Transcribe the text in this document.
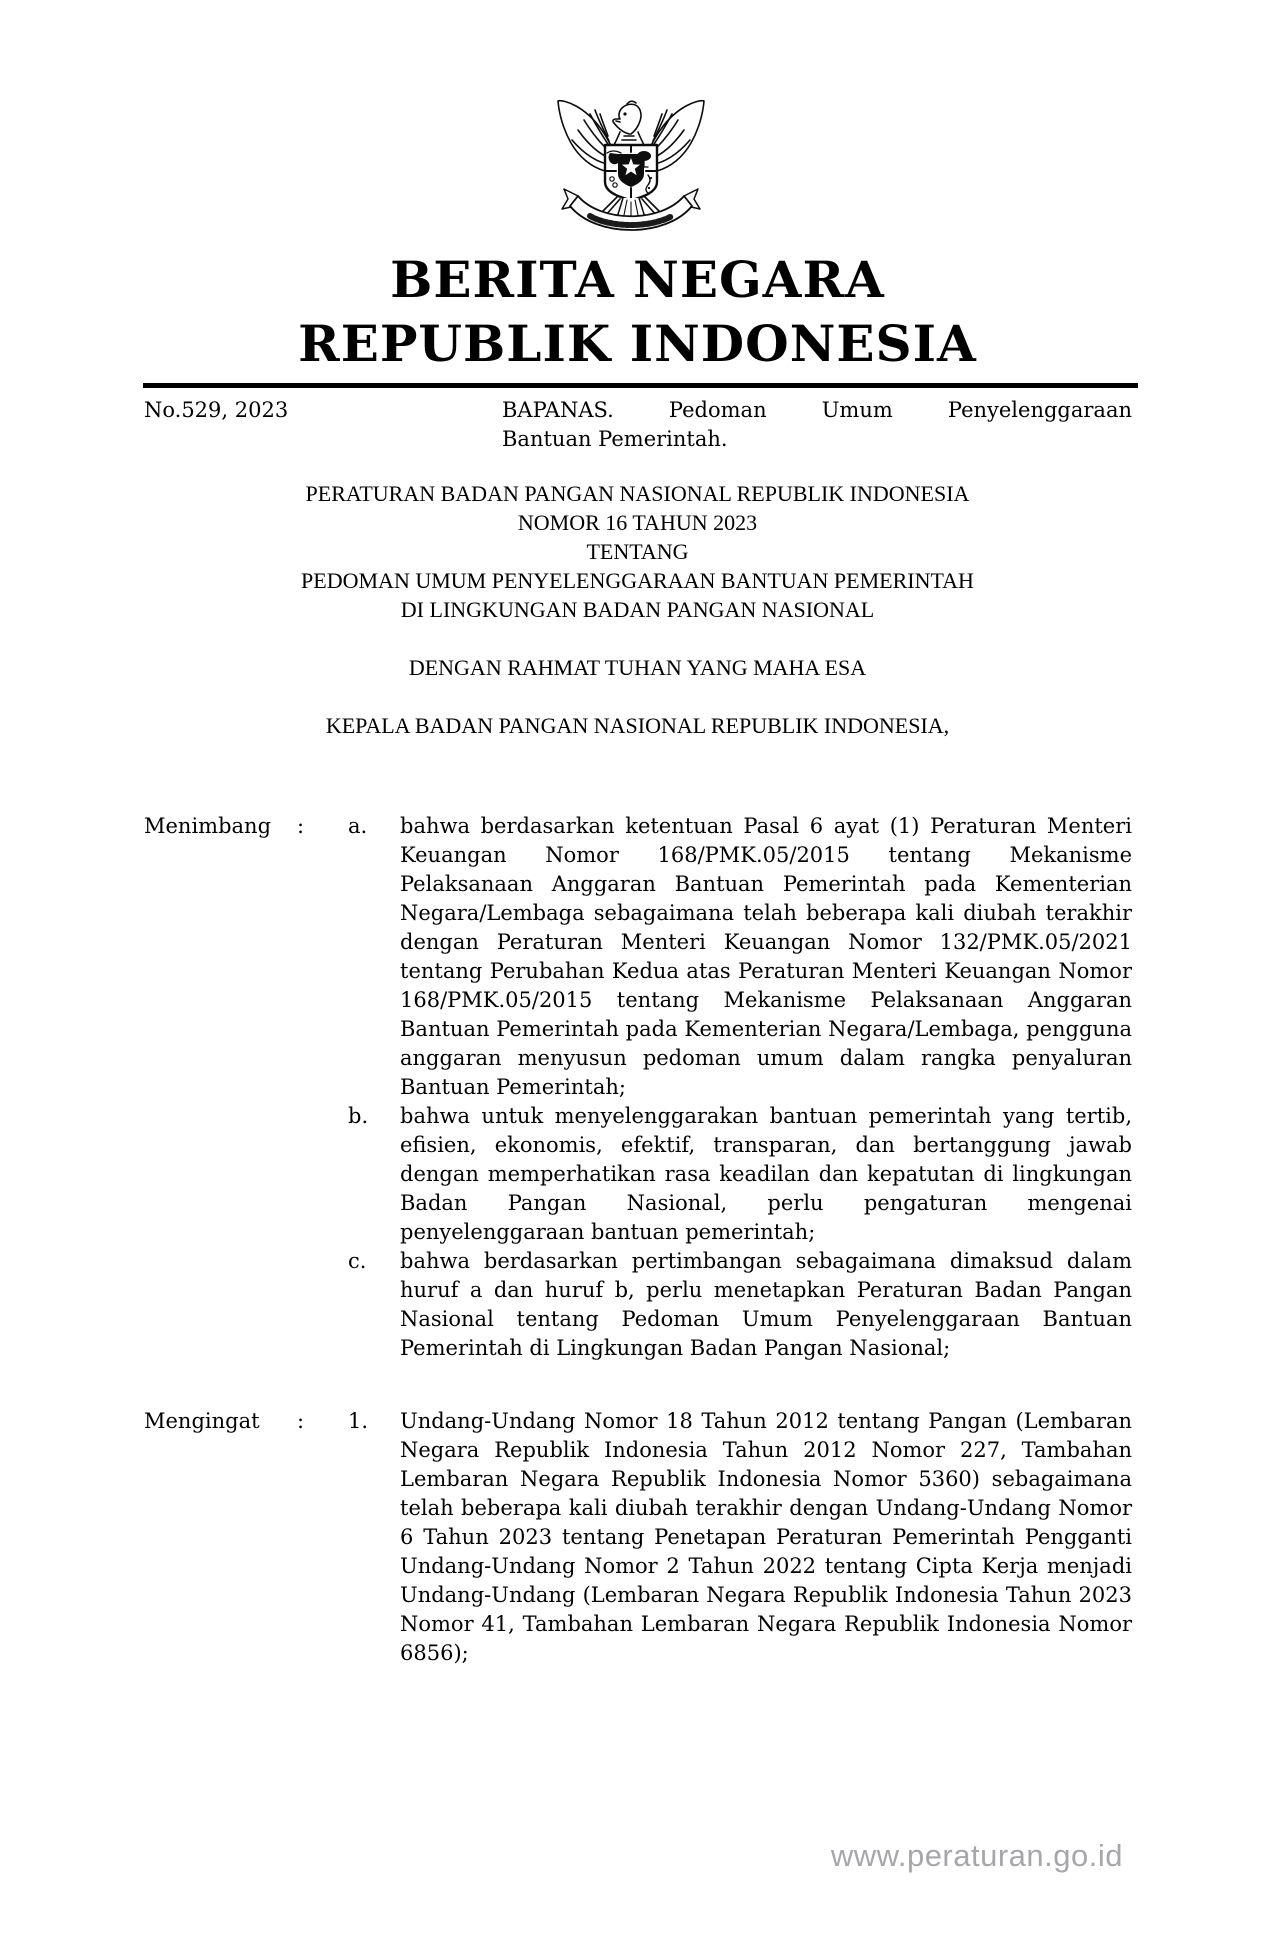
BERITA NEGARA
REPUBLIK INDONESIA
No.529, 2023	BAPANAS. Pedoman Umum Penyelenggaraan
Bantuan Pemerintah.
PERATURAN BADAN PANGAN NASIONAL REPUBLIK INDONESIA
NOMOR 16 TAHUN 2023
TENTANG
PEDOMAN UMUM PENYELENGGARAAN BANTUAN PEMERINTAH
DI LINGKUNGAN BADAN PANGAN NASIONAL
DENGAN RAHMAT TUHAN YANG MAHA ESA
KEPALA BADAN PANGAN NASIONAL REPUBLIK INDONESIA,
Menimbang	:	a.	bahwa berdasarkan ketentuan Pasal 6 ayat (1) Peraturan Menteri Keuangan Nomor 168/PMK.05/2015 tentang Mekanisme Pelaksanaan Anggaran Bantuan Pemerintah pada Kementerian Negara/Lembaga sebagaimana telah beberapa kali diubah terakhir dengan Peraturan Menteri Keuangan Nomor 132/PMK.05/2021 tentang Perubahan Kedua atas Peraturan Menteri Keuangan Nomor 168/PMK.05/2015 tentang Mekanisme Pelaksanaan Anggaran Bantuan Pemerintah pada Kementerian Negara/Lembaga, pengguna anggaran menyusun pedoman umum dalam rangka penyaluran Bantuan Pemerintah;
b.	bahwa untuk menyelenggarakan bantuan pemerintah yang tertib, efisien, ekonomis, efektif, transparan, dan bertanggung jawab dengan memperhatikan rasa keadilan dan kepatutan di lingkungan Badan Pangan Nasional, perlu pengaturan mengenai penyelenggaraan bantuan pemerintah;
c.	bahwa berdasarkan pertimbangan sebagaimana dimaksud dalam huruf a dan huruf b, perlu menetapkan Peraturan Badan Pangan Nasional tentang Pedoman Umum Penyelenggaraan Bantuan Pemerintah di Lingkungan Badan Pangan Nasional;
Mengingat	:	1.	Undang-Undang Nomor 18 Tahun 2012 tentang Pangan (Lembaran Negara Republik Indonesia Tahun 2012 Nomor 227, Tambahan Lembaran Negara Republik Indonesia Nomor 5360) sebagaimana telah beberapa kali diubah terakhir dengan Undang-Undang Nomor 6 Tahun 2023 tentang Penetapan Peraturan Pemerintah Pengganti Undang-Undang Nomor 2 Tahun 2022 tentang Cipta Kerja menjadi Undang-Undang (Lembaran Negara Republik Indonesia Tahun 2023 Nomor 41, Tambahan Lembaran Negara Republik Indonesia Nomor 6856);
www.peraturan.go.id
